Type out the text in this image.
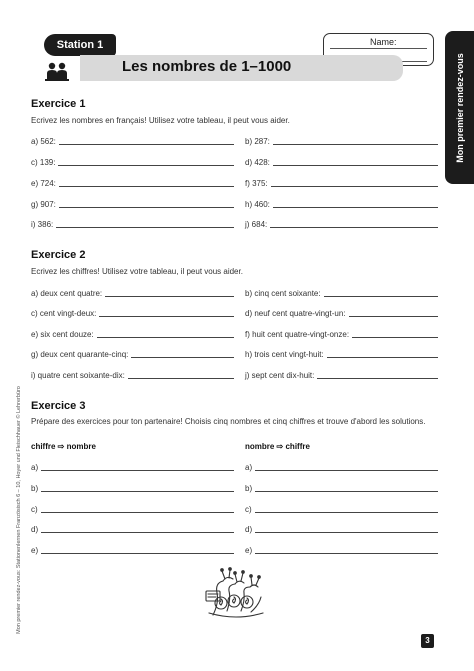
Station 1	Name:
Les nombres de 1–1000	Mon premier rendez-vous
Mon premier rendez-vous: Stationenlernen Französisch 6 – 10, Hoyer und Fleischhauer © Lehrerbüro
Exercice 1
Ecrivez les nombres en français! Utilisez votre tableau, il peut vous aider.
a) 562:	b) 287:
c) 139:	d) 428:
e) 724:	f) 375:
g) 907:	h) 460:
i) 386:	j) 684:
Exercice 2
Ecrivez les chiffres! Utilisez votre tableau, il peut vous aider.
a) deux cent quatre:	b) cinq cent soixante:
c) cent vingt-deux:	d) neuf cent quatre-vingt-un:
e) six cent douze:	f) huit cent quatre-vingt-onze:
g) deux cent quarante-cinq:	h) trois cent vingt-huit:
i) quatre cent soixante-dix:	j) sept cent dix-huit:
Exercice 3
Prépare des exercices pour ton partenaire! Choisis cinq nombres et cinq chiffres et trouve d'abord les solutions.
chiffre ⇨ nombre	nombre ⇨ chiffre
a)	a)
b)	b)
c)	c)
d)	d)
e)	e)
3
